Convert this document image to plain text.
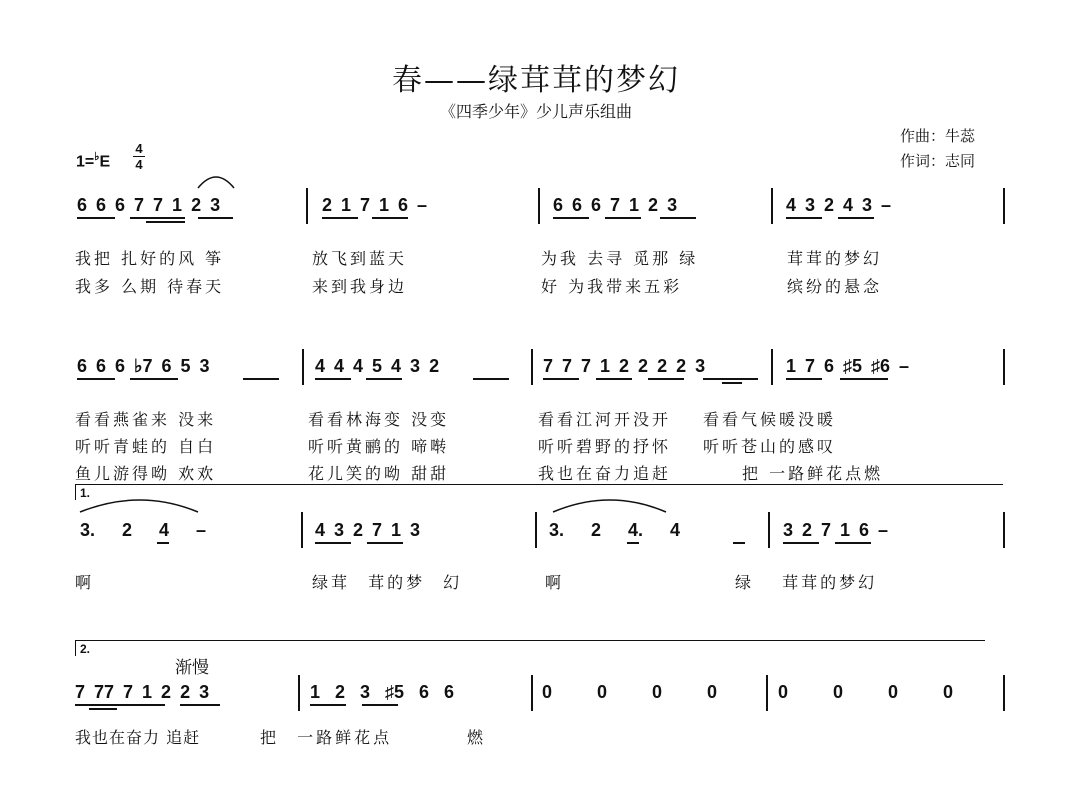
春——绿茸茸的梦幻
《四季少年》少儿声乐组曲
作曲：牛蕊
作词：志同
1=♭E
4
4
6 6 6 7 7 1 2 3	2 1 7 1 6 –	6 6 6 7 1 2 3	4 3 2 4 3 –
我把 扎好的风 筝	放飞到蓝天	为我 去寻 觅那 绿	茸茸的梦幻
我多 么期 待春天	来到我身边	好 为我带来五彩	缤纷的悬念
6 6 6 ♭7 6 5 3	4 4 4 5 4 3 2	7 7 7 1 2 2 2 2 3	1 7 6 ♯5 ♯6 –
看看燕雀来 没来	看看林海变 没变	看看江河开没开 看看气候暖没暖
听听青蛙的 自白	听听黄鹂的 啼啭	听听碧野的抒怀 听听苍山的感叹
鱼儿游得呦 欢欢	花儿笑的呦 甜甜	我也在奋力追赶	把 一路鲜花点燃
1.
3. 2 4 –	4 3 2 7 1 3	3. 2 4. 4	3 2 7 1 6 –
啊	绿茸 茸的梦 幻	啊	绿 茸茸的梦幻
2.
渐慢
7 77 7 1 2 2 3	1 2 3 ♯5 6 6	0 0 0 0	0 0 0 0
我也在奋力 追赶	把 一路鲜花点	燃
